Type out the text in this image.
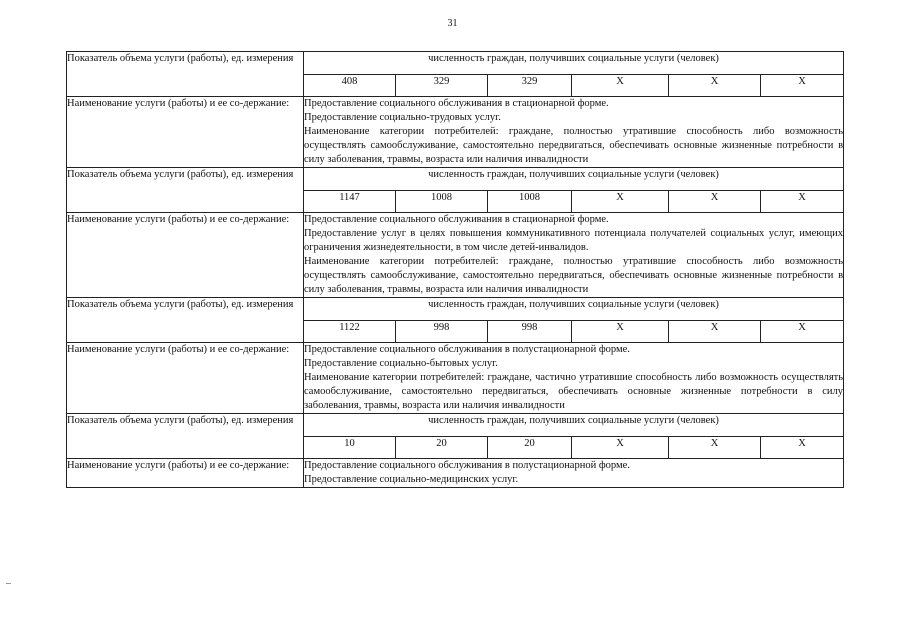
31
Показатель объема услуги (работы), ед. измерения	численность граждан, получивших социальные услуги (человек)					
	408	329	329	Х	Х	Х
Наименование услуги (работы) и ее со-держание:	Предоставление социального обслуживания в стационарной форме.
Предоставление социально-трудовых услуг.
Наименование категории потребителей: граждане, полностью утратившие способность либо возможность осуществлять самообслуживание, самостоятельно передвигаться, обеспечивать основные жизненные потребности в силу заболевания, травмы, возраста или наличия инвалидности					

Показатель объема услуги (работы), ед. измерения	численность граждан, получивших социальные услуги (человек)					
	1147	1008	1008	Х	Х	Х
Наименование услуги (работы) и ее со-держание:	Предоставление социального обслуживания в стационарной форме.
Предоставление услуг в целях повышения коммуникативного потенциала получателей социальных услуг, имеющих ограничения жизнедеятельности, в том числе детей-инвалидов.
Наименование категории потребителей: граждане, полностью утратившие способность либо возможность осуществлять самообслуживание, самостоятельно передвигаться, обеспечивать основные жизненные потребности в силу заболевания, травмы, возраста или наличия инвалидности					

Показатель объема услуги (работы), ед. измерения	численность граждан, получивших социальные услуги (человек)					
	1122	998	998	Х	Х	Х
Наименование услуги (работы) и ее со-держание:	Предоставление социального обслуживания в полустационарной форме.
Предоставление социально-бытовых услуг.
Наименование категории потребителей: граждане, частично утратившие способность либо возможность осуществлять самообслуживание, самостоятельно передвигаться, обеспечивать основные жизненные потребности в силу заболевания, травмы, возраста или наличия инвалидности					

Показатель объема услуги (работы), ед. измерения	численность граждан, получивших социальные услуги (человек)					
	10	20	20	Х	Х	Х
Наименование услуги (работы) и ее со-держание:	Предоставление социального обслуживания в полустационарной форме.
Предоставление социально-медицинских услуг.					
